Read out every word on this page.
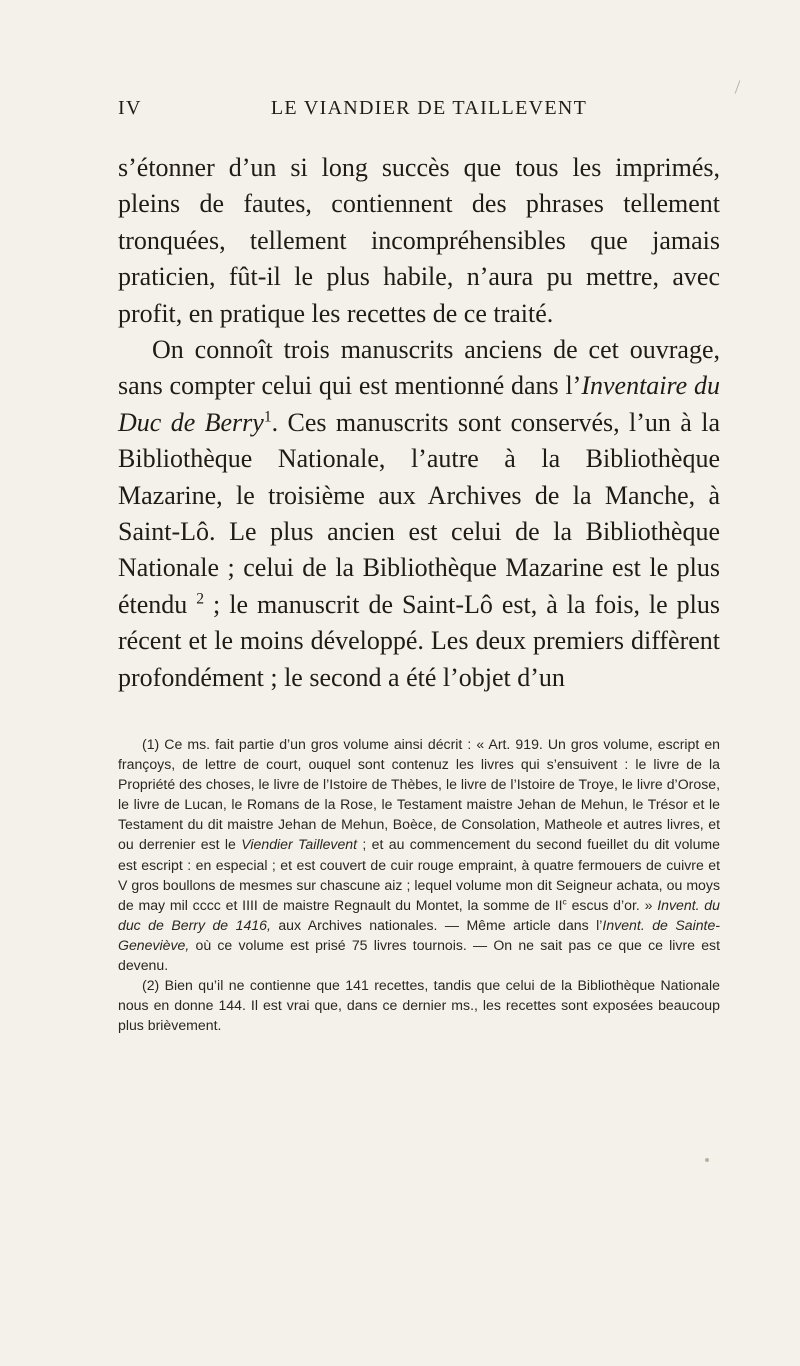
IV	LE VIANDIER DE TAILLEVENT

s’étonner d’un si long succès que tous les imprimés, pleins de fautes, contiennent des phrases tellement tronquées, tellement incompréhensibles que jamais praticien, fût-il le plus habile, n’aura pu mettre, avec profit, en pratique les recettes de ce traité.

On connoît trois manuscrits anciens de cet ouvrage, sans compter celui qui est mentionné dans l’Inventaire du Duc de Berry$^1$. Ces manuscrits sont conservés, l’un à la Bibliothèque Nationale, l’autre à la Bibliothèque Mazarine, le troisième aux Archives de la Manche, à Saint-Lô. Le plus ancien est celui de la Bibliothèque Nationale ; celui de la Bibliothèque Mazarine est le plus étendu $^2$ ; le manuscrit de Saint-Lô est, à la fois, le plus récent et le moins développé. Les deux premiers diffèrent profondément ; le second a été l’objet d’un

(1) Ce ms. fait partie d’un gros volume ainsi décrit : « Art. 919. Un gros volume, escript en françoys, de lettre de court, ouquel sont contenuz les livres qui s’ensuivent : le livre de la Propriété des choses, le livre de l’Istoire de Thèbes, le livre de l’Istoire de Troye, le livre d’Orose, le livre de Lucan, le Romans de la Rose, le Testament maistre Jehan de Mehun, le Trésor et le Testament du dit maistre Jehan de Mehun, Boèce, de Consolation, Matheole et autres livres, et ou derrenier est le Viendier Taillevent ; et au commencement du second fueillet du dit volume est escript : en especial ; et est couvert de cuir rouge empraint, à quatre fermouers de cuivre et V gros boullons de mesmes sur chascune aiz ; lequel volume mon dit Seigneur achata, ou moys de may mil cccc et IIII de maistre Regnault du Montet, la somme de $II^c$ escus d’or. » Invent. du duc de Berry de 1416, aux Archives nationales. — Même article dans l’Invent. de Sainte-Geneviève, où ce volume est prisé 75 livres tournois. — On ne sait pas ce que ce livre est devenu.

(2) Bien qu’il ne contienne que 141 recettes, tandis que celui de la Bibliothèque Nationale nous en donne 144. Il est vrai que, dans ce dernier ms., les recettes sont exposées beaucoup plus brièvement.
